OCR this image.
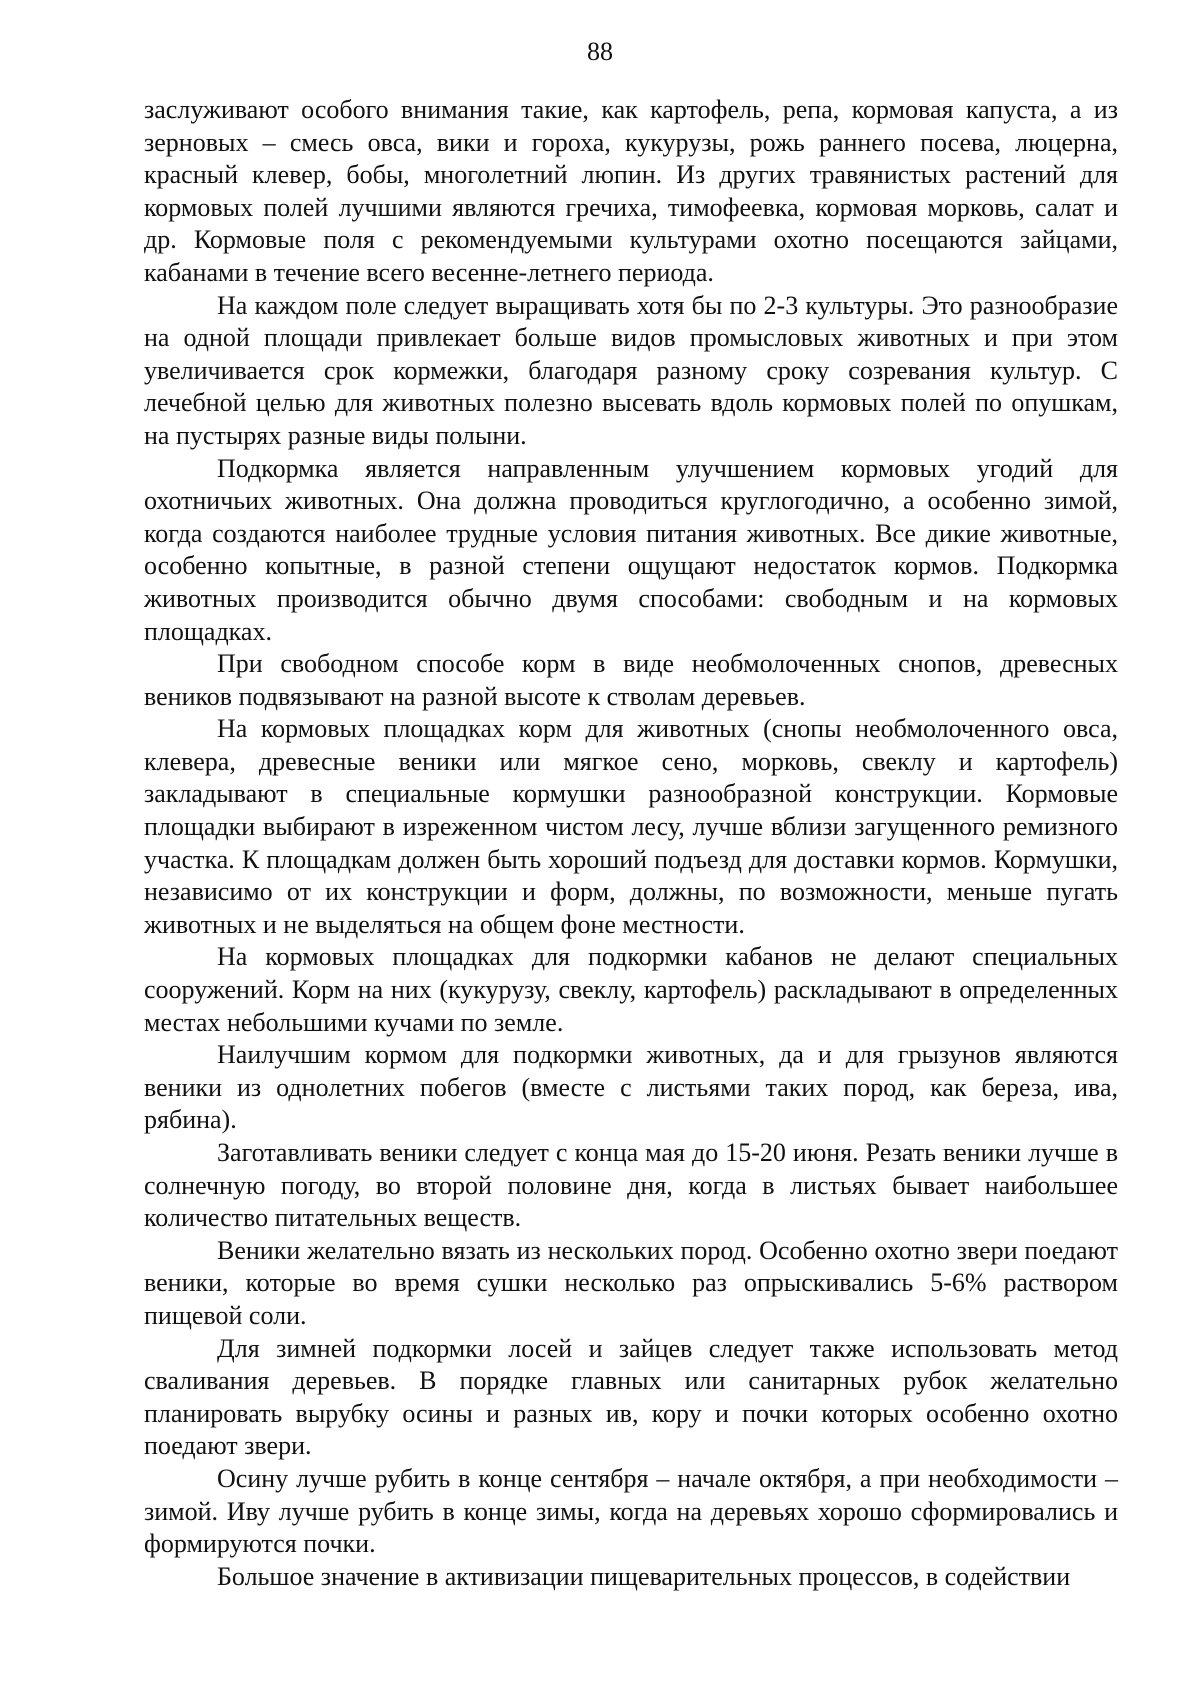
88

заслуживают особого внимания такие, как картофель, репа, кормовая капуста, а из зерновых – смесь овса, вики и гороха, кукурузы, рожь раннего посева, люцерна, красный клевер, бобы, многолетний люпин. Из других травянистых растений для кормовых полей лучшими являются гречиха, тимофеевка, кормовая морковь, салат и др. Кормовые поля с рекомендуемыми культурами охотно посещаются зайцами, кабанами в течение всего весенне-летнего периода.

На каждом поле следует выращивать хотя бы по 2-3 культуры. Это разнообразие на одной площади привлекает больше видов промысловых животных и при этом увеличивается срок кормежки, благодаря разному сроку созревания культур. С лечебной целью для животных полезно высевать вдоль кормовых полей по опушкам, на пустырях разные виды полыни.

Подкормка является направленным улучшением кормовых угодий для охотничьих животных. Она должна проводиться круглогодично, а особенно зимой, когда создаются наиболее трудные условия питания животных. Все дикие животные, особенно копытные, в разной степени ощущают недостаток кормов. Подкормка животных производится обычно двумя способами: свободным и на кормовых площадках.

При свободном способе корм в виде необмолоченных снопов, древесных веников подвязывают на разной высоте к стволам деревьев.

На кормовых площадках корм для животных (снопы необмолоченного овса, клевера, древесные веники или мягкое сено, морковь, свеклу и картофель) закладывают в специальные кормушки разнообразной конструкции. Кормовые площадки выбирают в изреженном чистом лесу, лучше вблизи загущенного ремизного участка. К площадкам должен быть хороший подъезд для доставки кормов. Кормушки, независимо от их конструкции и форм, должны, по возможности, меньше пугать животных и не выделяться на общем фоне местности.

На кормовых площадках для подкормки кабанов не делают специальных сооружений. Корм на них (кукурузу, свеклу, картофель) раскладывают в определенных местах небольшими кучами по земле.

Наилучшим кормом для подкормки животных, да и для грызунов являются веники из однолетних побегов (вместе с листьями таких пород, как береза, ива, рябина).

Заготавливать веники следует с конца мая до 15-20 июня. Резать веники лучше в солнечную погоду, во второй половине дня, когда в листьях бывает наибольшее количество питательных веществ.

Веники желательно вязать из нескольких пород. Особенно охотно звери поедают веники, которые во время сушки несколько раз опрыскивались 5-6% раствором пищевой соли.

Для зимней подкормки лосей и зайцев следует также использовать метод сваливания деревьев. В порядке главных или санитарных рубок желательно планировать вырубку осины и разных ив, кору и почки которых особенно охотно поедают звери.

Осину лучше рубить в конце сентября – начале октября, а при необходимости – зимой. Иву лучше рубить в конце зимы, когда на деревьях хорошо сформировались и формируются почки.

Большое значение в активизации пищеварительных процессов, в содействии
